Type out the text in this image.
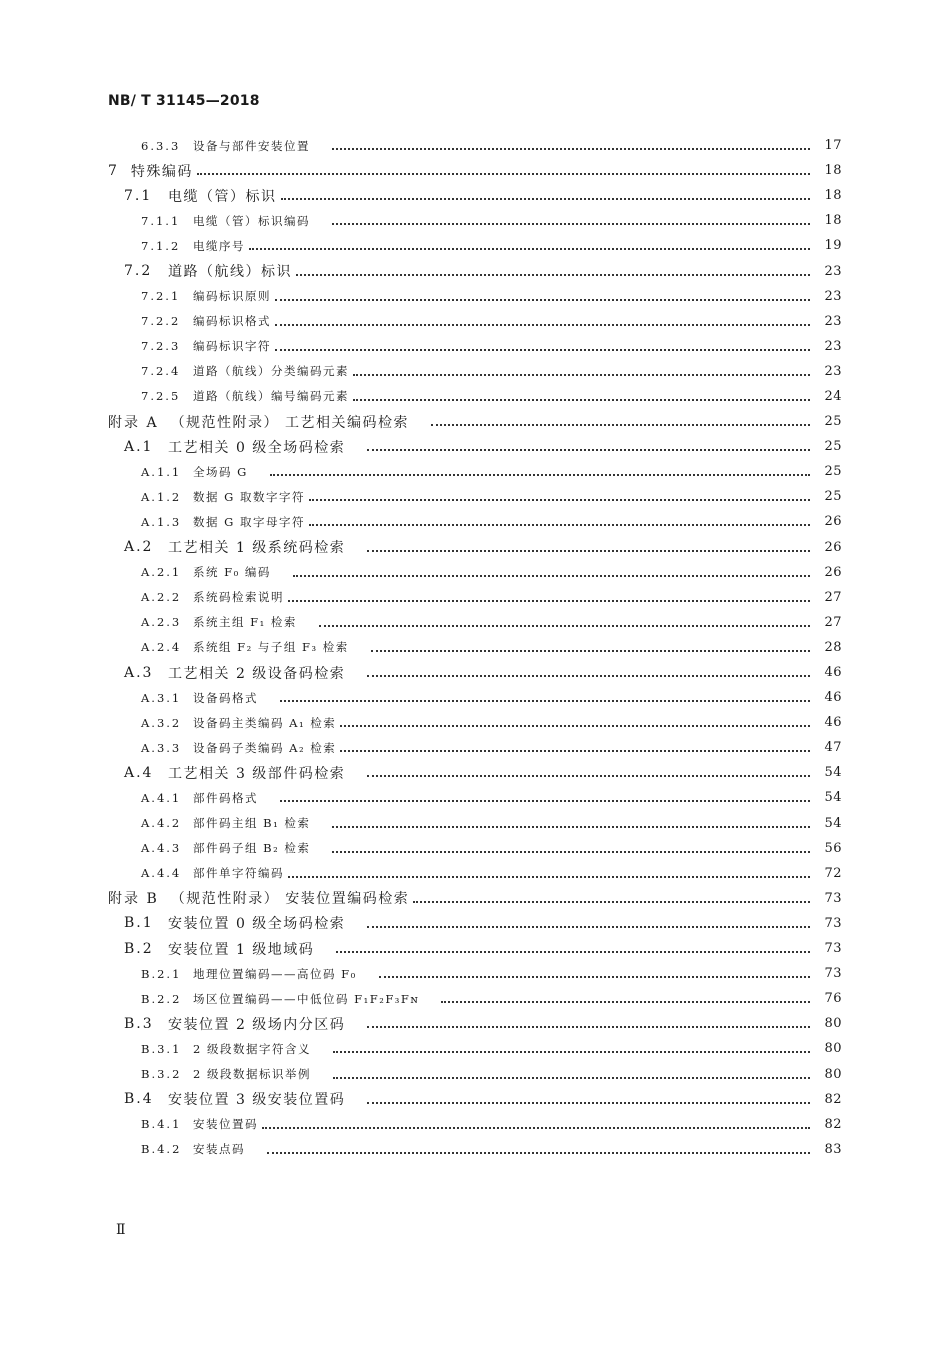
NB/ T 31145—2018
6.3.3	设备与部件安装位置	17
7 特殊编码	18
7.1	电缆（管）标识	18
7.1.1	电缆（管）标识编码	18
7.1.2	电缆序号	19
7.2	道路（航线）标识	23
7.2.1	编码标识原则	23
7.2.2	编码标识格式	23
7.2.3	编码标识字符	23
7.2.4	道路（航线）分类编码元素	23
7.2.5	道路（航线）编号编码元素	24
附录 A （规范性附录） 工艺相关编码检索	25
A.1	工艺相关 0 级全场码检索	25
A.1.1	全场码 G	25
A.1.2	数据 G 取数字字符	25
A.1.3	数据 G 取字母字符	26
A.2	工艺相关 1 级系统码检索	26
A.2.1	系统 F₀ 编码	26
A.2.2	系统码检索说明	27
A.2.3	系统主组 F₁ 检索	27
A.2.4	系统组 F₂ 与子组 F₃ 检索	28
A.3	工艺相关 2 级设备码检索	46
A.3.1	设备码格式	46
A.3.2	设备码主类编码 A₁ 检索	46
A.3.3	设备码子类编码 A₂ 检索	47
A.4	工艺相关 3 级部件码检索	54
A.4.1	部件码格式	54
A.4.2	部件码主组 B₁ 检索	54
A.4.3	部件码子组 B₂ 检索	56
A.4.4	部件单字符编码	72
附录 B （规范性附录） 安装位置编码检索	73
B.1	安装位置 0 级全场码检索	73
B.2	安装位置 1 级地域码	73
B.2.1	地理位置编码——高位码 F₀	73
B.2.2	场区位置编码——中低位码 F₁F₂F₃Fɴ	76
B.3	安装位置 2 级场内分区码	80
B.3.1	2 级段数据字符含义	80
B.3.2	2 级段数据标识举例	80
B.4	安装位置 3 级安装位置码	82
B.4.1	安装位置码	82
B.4.2	安装点码	83
Ⅱ
